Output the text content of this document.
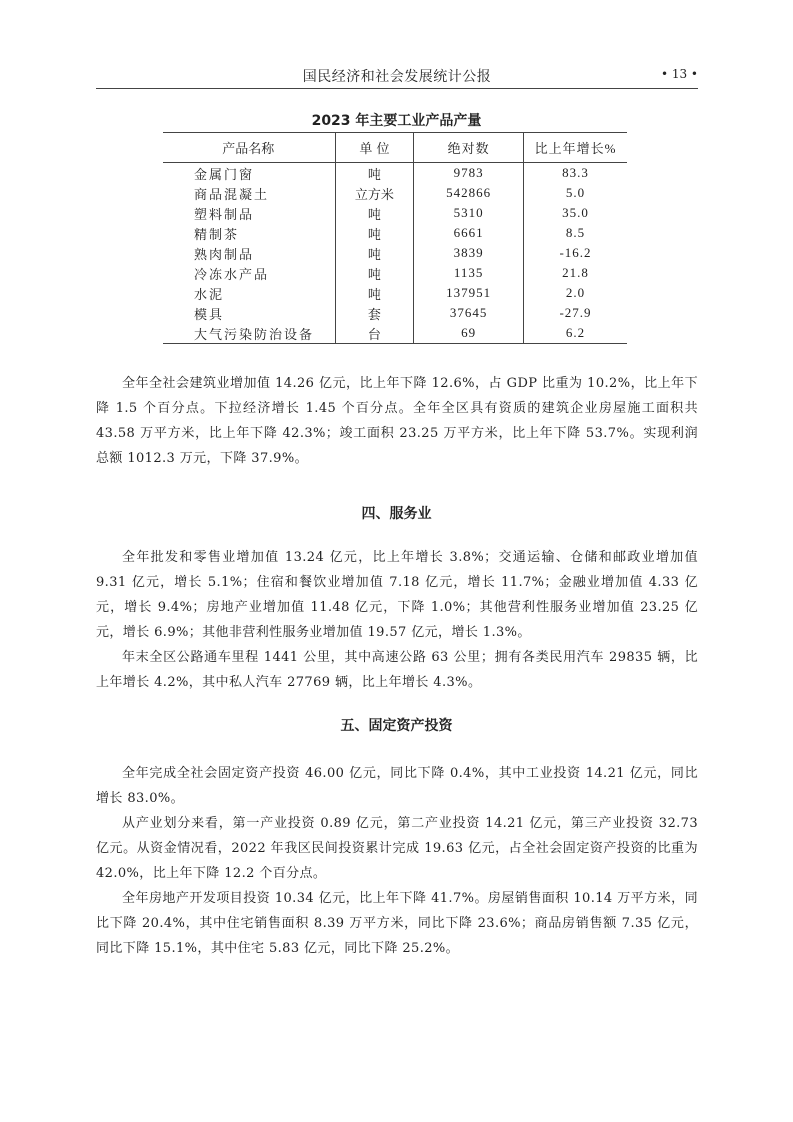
国民经济和社会发展统计公报	• 13 •
2023 年主要工业产品产量
产品名称	单 位	绝对数	比上年增长%
金属门窗	吨	9783	83.3
商品混凝土	立方米	542866	5.0
塑料制品	吨	5310	35.0
精制茶	吨	6661	8.5
熟肉制品	吨	3839	-16.2
冷冻水产品	吨	1135	21.8
水泥	吨	137951	2.0
模具	套	37645	-27.9
大气污染防治设备	台	69	6.2

全年全社会建筑业增加值 14.26 亿元，比上年下降 12.6%，占 GDP 比重为 10.2%，比上年下降 1.5 个百分点。下拉经济增长 1.45 个百分点。全年全区具有资质的建筑企业房屋施工面积共 43.58 万平方米，比上年下降 42.3%；竣工面积 23.25 万平方米，比上年下降 53.7%。实现利润总额 1012.3 万元，下降 37.9%。

四、服务业

全年批发和零售业增加值 13.24 亿元，比上年增长 3.8%；交通运输、仓储和邮政业增加值 9.31 亿元，增长 5.1%；住宿和餐饮业增加值 7.18 亿元，增长 11.7%；金融业增加值 4.33 亿元，增长 9.4%；房地产业增加值 11.48 亿元，下降 1.0%；其他营利性服务业增加值 23.25 亿元，增长 6.9%；其他非营利性服务业增加值 19.57 亿元，增长 1.3%。

年末全区公路通车里程 1441 公里，其中高速公路 63 公里；拥有各类民用汽车 29835 辆，比上年增长 4.2%，其中私人汽车 27769 辆，比上年增长 4.3%。

五、固定资产投资

全年完成全社会固定资产投资 46.00 亿元，同比下降 0.4%，其中工业投资 14.21 亿元，同比增长 83.0%。

从产业划分来看，第一产业投资 0.89 亿元，第二产业投资 14.21 亿元，第三产业投资 32.73 亿元。从资金情况看，2022 年我区民间投资累计完成 19.63 亿元，占全社会固定资产投资的比重为 42.0%，比上年下降 12.2 个百分点。

全年房地产开发项目投资 10.34 亿元，比上年下降 41.7%。房屋销售面积 10.14 万平方米，同比下降 20.4%，其中住宅销售面积 8.39 万平方米，同比下降 23.6%；商品房销售额 7.35 亿元，同比下降 15.1%，其中住宅 5.83 亿元，同比下降 25.2%。
